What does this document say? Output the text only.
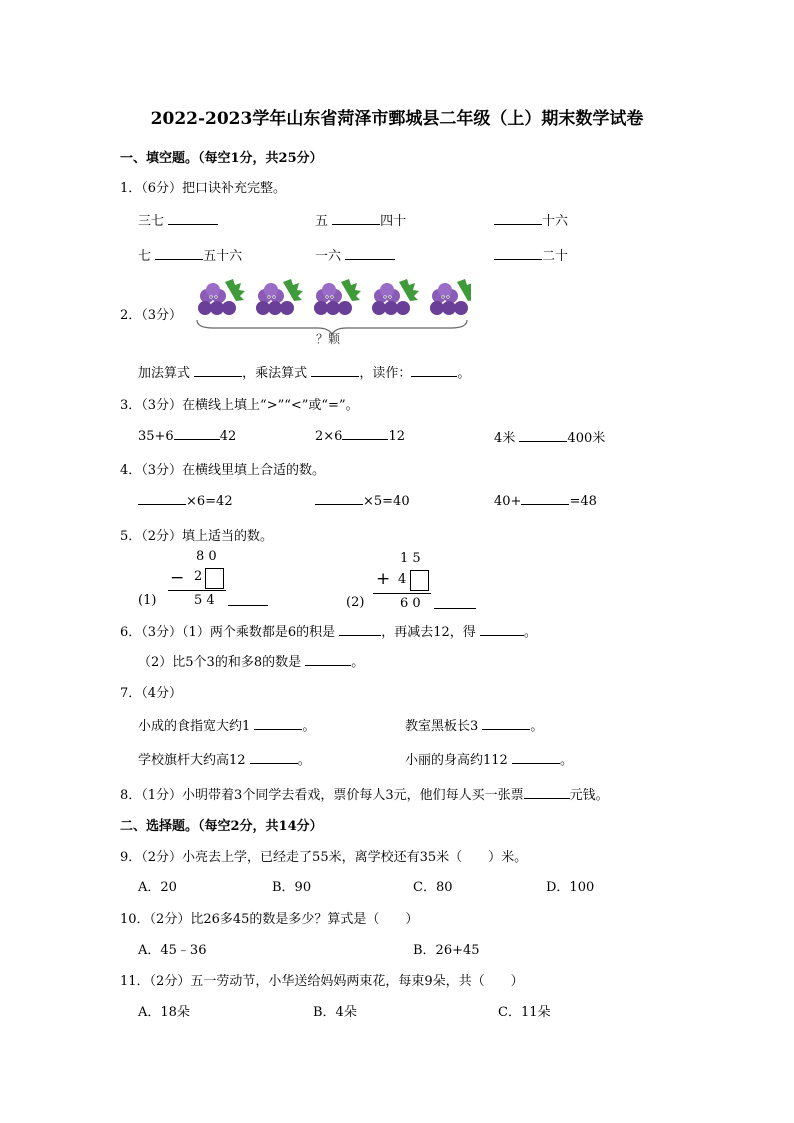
2022-2023学年山东省菏泽市鄄城县二年级（上）期末数学试卷
一、填空题。（每空1分，共25分）
1．（6分）把口诀补充完整。
三七	五	四十	十六
七	五十六	一六	二十
2．（3分）
？颗
加法算式	，乘法算式	，读作：	。
3．（3分）在横线上填上“>”“<”或“=”。
35+6	42	2×6	12	4米	400米
4．（3分）在横线里填上合适的数。
×6=42	×5=40	40+	=48
5．（2分）填上适当的数。
(1)
8 0
− 2
5 4	(2)
1 5
+ 4
6 0
6．（3分）（1）两个乘数都是6的积是	，再减去12，得	。
（2）比5个3的和多8的数是	。
7．（4分）
小成的食指宽大约1	。	教室黑板长3	。
学校旗杆大约高12	。	小丽的身高约112	。
8．（1分）小明带着3个同学去看戏，票价每人3元，他们每人买一张票	元钱。
二、选择题。（每空2分，共14分）
9．（2分）小亮去上学，已经走了55米，离学校还有35米（　　）米。
A．20	B．90	C．80	D．100
10．（2分）比26多45的数是多少？算式是（　　）
A．45﹣36	B．26+45
11．（2分）五一劳动节，小华送给妈妈两束花，每束9朵，共（　　）
A．18朵	B．4朵	C．11朵
